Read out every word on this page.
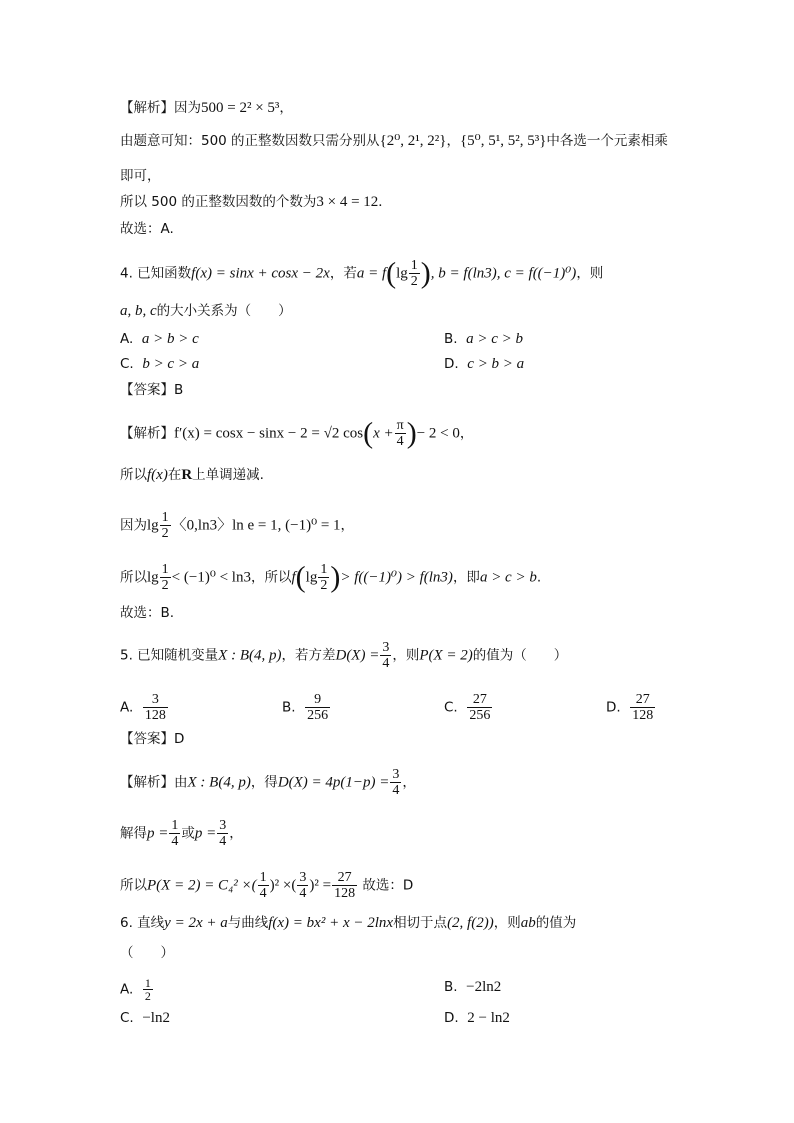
【解析】因为500 = 2² × 5³，
由题意可知：500 的正整数因数只需分别从{2⁰, 2¹, 2²}，{5⁰, 5¹, 5², 5³}中各选一个元素相乘
即可，
所以 500 的正整数因数的个数为3 × 4 = 12．
故选：A.
4. 已知函数f(x) = sinx + cosx − 2x，若$a = f(\lg \frac{1}{2}$ ), b = f(ln3), c = f((−1)⁰)，则
a, b, c的大小关系为（　　）
A. a > b > c	B. a > c > b
C. b > c > a	D. c > b > a
【答案】B
【解析】f′(x) = cosx − sinx − 2 = √2 $\cos(x + \frac{\pi}{4}$ )− 2 < 0，
所以f(x)在R上单调递减.
因为$\lg \frac{1}{2}$ 〈0,ln3〉ln e = 1, (−1)⁰ = 1，
所以$\lg \frac{1}{2} < (-1)^0 < \ln 3$，所以$f(\lg \frac{1}{2}$ )> f((−1)⁰) > f(ln3)，即a > c > b.
故选：B.
5. 已知随机变量X : B(4, p)，若方差$D(X) = \frac{3}{4}$ ，则P(X = 2)的值为（　　）
A. $\frac{3}{128}$	B. $\frac{9}{256}$	C. $\frac{27}{256}$	D. $\frac{27}{128}$
【答案】D
【解析】由X : B(4, p)，得$D(X) = 4p(1-p) = \frac{3}{4}$ ，
解得$p = \frac{1}{4}$ 或$p = \frac{3}{4}$ ，
所以P(X = 2) = C₄² ×( $\frac{1}{4} )^2$ ×( $\frac{3}{4} )^2 = \frac{27}{128}$ 故选：D
6. 直线y = 2x + a与曲线f(x) = bx² + x − 2lnx相切于点(2, f(2))，则ab的值为
（　　）
A. $\frac{1}{2}$	B. −2ln2
C. −ln2	D. 2 − ln2
